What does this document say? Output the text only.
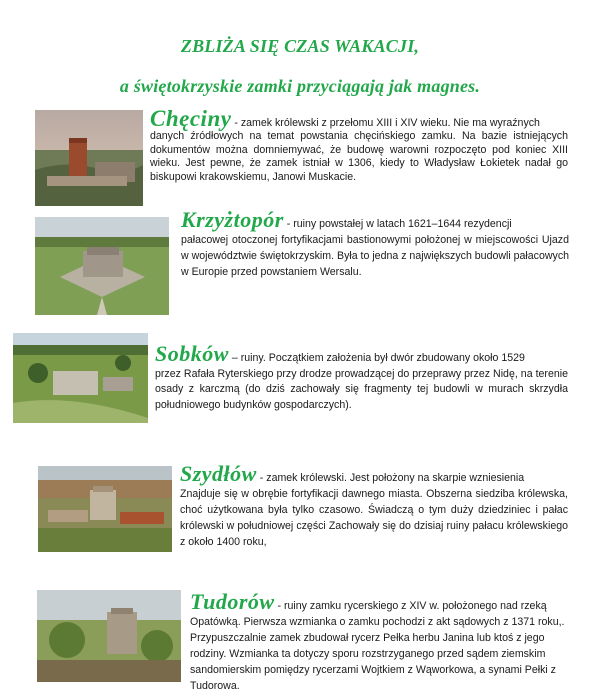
ZBLIŻA SIĘ CZAS WAKACJI,
a świętokrzyskie zamki przyciągają jak magnes.
Chęciny - zamek królewski z przełomu XIII i XIV wieku. Nie ma wyraźnych
danych źródłowych na temat powstania chęcińskiego zamku. Na bazie istniejących dokumentów można domniemywać, że budowę warowni rozpoczęto pod koniec XIII wieku. Jest pewne, że zamek istniał w 1306, kiedy to Władysław Łokietek nadał go biskupowi krakowskiemu, Janowi Muskacie.
Krzyżtopór - ruiny powstałej w latach 1621–1644 rezydencji
pałacowej otoczonej fortyfikacjami bastionowymi położonej w miejscowości Ujazd w województwie świętokrzyskim. Była to jedna z największych budowli pałacowych w Europie przed powstaniem Wersalu.
Sobków – ruiny. Początkiem założenia był dwór zbudowany około 1529
przez Rafała Ryterskiego przy drodze prowadzącej do przeprawy przez Nidę, na terenie osady z karczmą (do dziś zachowały się fragmenty tej budowli w murach skrzydła południowego budynków gospodarczych).
Szydłów - zamek królewski. Jest położony na skarpie wzniesienia
Znajduje się w obrębie fortyfikacji dawnego miasta. Obszerna siedziba królewska, choć użytkowana była tylko czasowo. Świadczą o tym duży dziedziniec i pałac królewski w południowej części Zachowały się do dzisiaj ruiny pałacu królewskiego z około 1400 roku,
Tudorów - ruiny zamku rycerskiego z XIV w. położonego nad rzeką
Opatówką. Pierwsza wzmianka o zamku pochodzi z akt sądowych z 1371 roku,. Przypuszczalnie zamek zbudował rycerz Pełka herbu Janina lub ktoś z jego rodziny. Wzmianka ta dotyczy sporu rozstrzyganego przed sądem ziemskim sandomierskim pomiędzy rycerzami Wojtkiem z Wąworkowa, a synami Pełki z Tudorowa.
